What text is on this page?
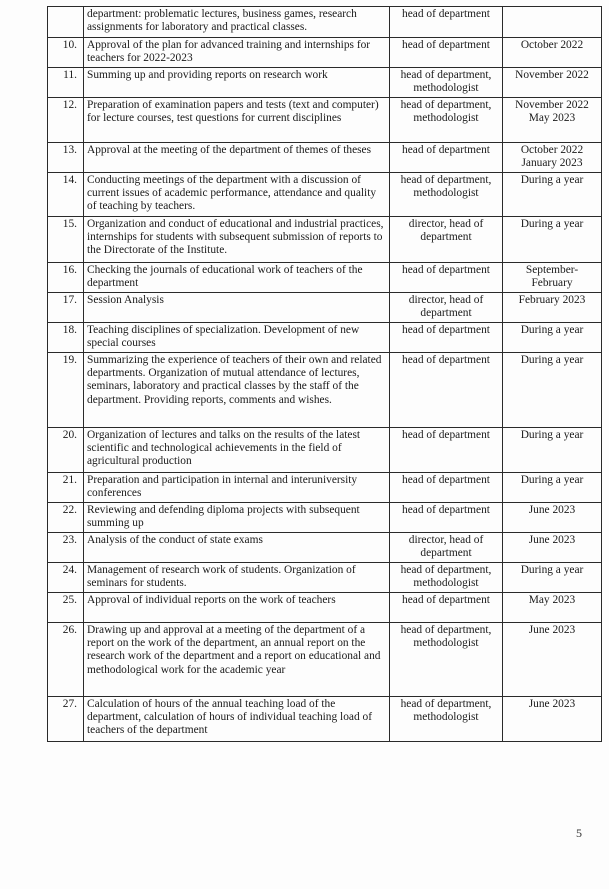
	department: problematic lectures, business games, research assignments for laboratory and practical classes.	head of department	
10.	Approval of the plan for advanced training and internships for teachers for 2022-2023	head of department	October 2022
11.	Summing up and providing reports on research work	head of department, methodologist	November 2022
12.	Preparation of examination papers and tests (text and computer) for lecture courses, test questions for current disciplines	head of department, methodologist	November 2022 May 2023
13.	Approval at the meeting of the department of themes of theses	head of department	October 2022 January 2023
14.	Conducting meetings of the department with a discussion of current issues of academic performance, attendance and quality of teaching by teachers.	head of department, methodologist	During a year
15.	Organization and conduct of educational and industrial practices, internships for students with subsequent submission of reports to the Directorate of the Institute.	director, head of department	During a year
16.	Checking the journals of educational work of teachers of the department	head of department	September-February
17.	Session Analysis	director, head of department	February 2023
18.	Teaching disciplines of specialization. Development of new special courses	head of department	During a year
19.	Summarizing the experience of teachers of their own and related departments. Organization of mutual attendance of lectures, seminars, laboratory and practical classes by the staff of the department. Providing reports, comments and wishes.	head of department	During a year
20.	Organization of lectures and talks on the results of the latest scientific and technological achievements in the field of agricultural production	head of department	During a year
21.	Preparation and participation in internal and interuniversity conferences	head of department	During a year
22.	Reviewing and defending diploma projects with subsequent summing up	head of department	June 2023
23.	Analysis of the conduct of state exams	director, head of department	June 2023
24.	Management of research work of students. Organization of seminars for students.	head of department, methodologist	During a year
25.	Approval of individual reports on the work of teachers	head of department	May 2023
26.	Drawing up and approval at a meeting of the department of a report on the work of the department, an annual report on the research work of the department and a report on educational and methodological work for the academic year	head of department, methodologist	June 2023
27.	Calculation of hours of the annual teaching load of the department, calculation of hours of individual teaching load of teachers of the department	head of department, methodologist	June 2023
5
